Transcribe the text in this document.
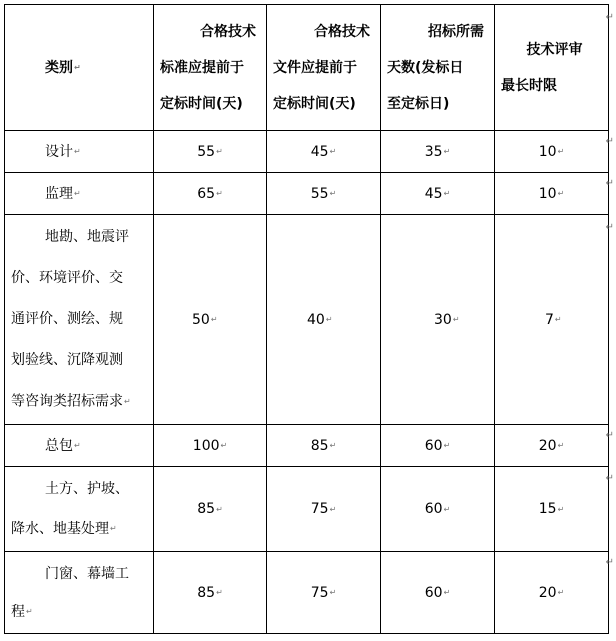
类别↵	合格技术
标准应提前于
定标时间(天)	合格技术
文件应提前于
定标时间(天)	招标所需
天数(发标日
至定标日)	技术评审
最长时限

设计↵	55↵	45↵	35↵	10↵
监理↵	65↵	55↵	45↵	10↵

地勘、地震评
价、环境评价、交
通评价、测绘、规
划验线、沉降观测
等咨询类招标需求↵	50↵	40↵	30↵	7↵
总包↵	100↵	85↵	60↵	20↵

土方、护坡、
降水、地基处理↵	85↵	75↵	60↵	15↵

门窗、幕墙工
程↵	85↵	75↵	60↵	20↵
↵
↵
↵
↵
↵
↵
↵
